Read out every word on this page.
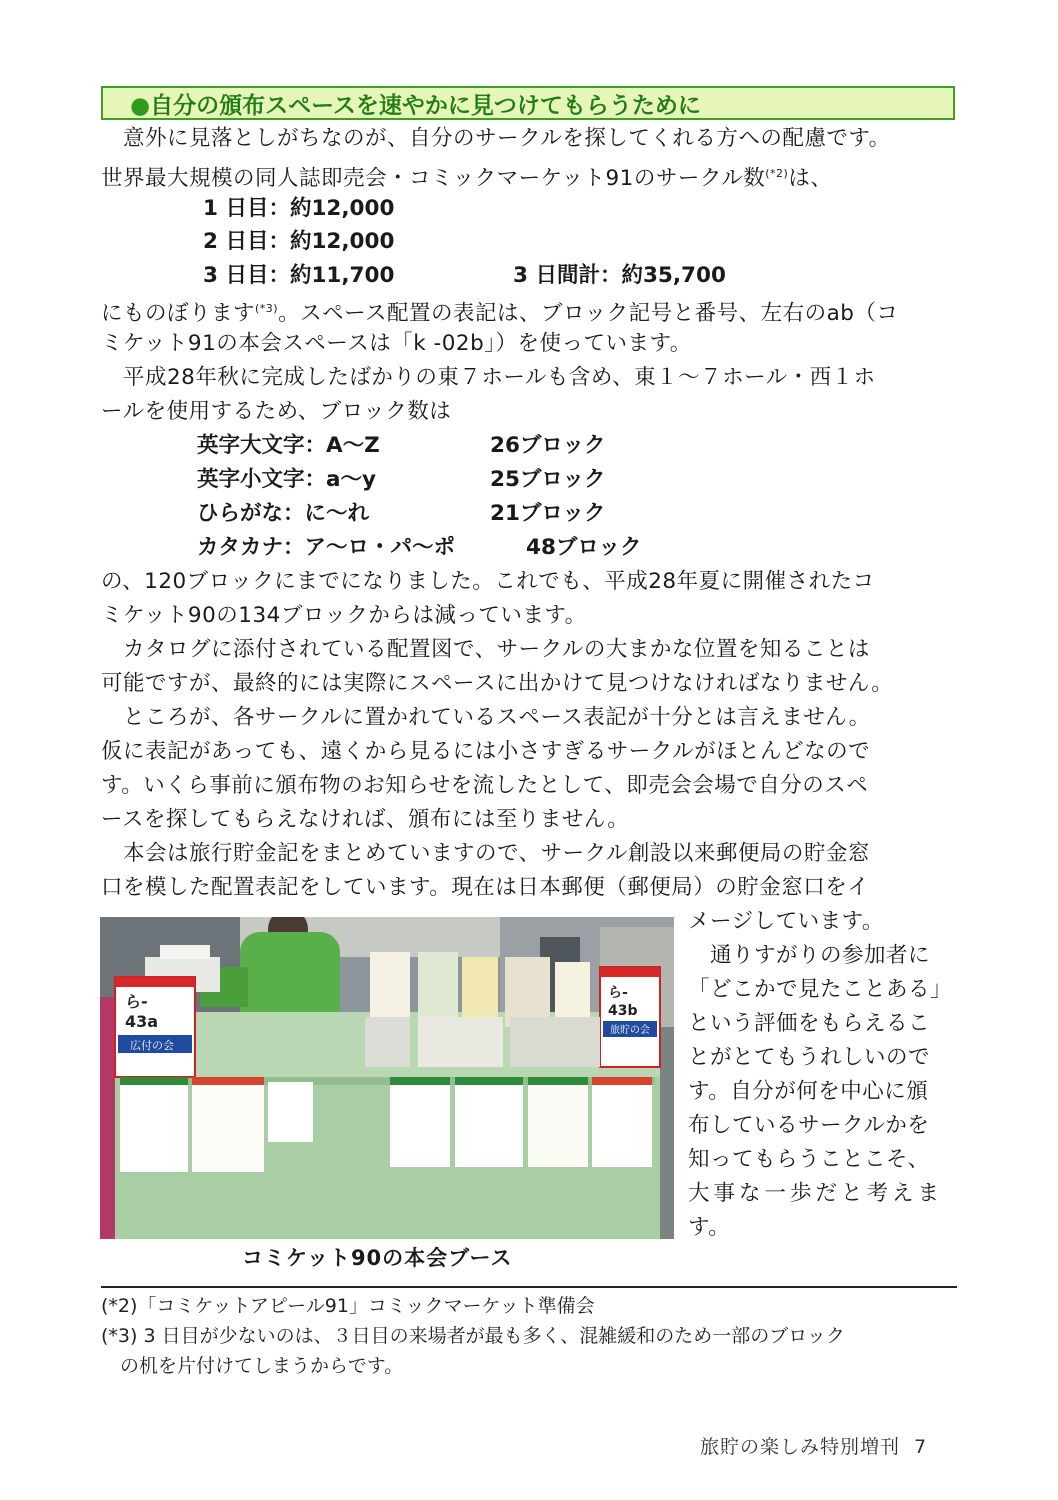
●自分の頒布スペースを速やかに見つけてもらうために
　意外に見落としがちなのが、自分のサークルを探してくれる方への配慮です。
世界最大規模の同人誌即売会・コミックマーケット91のサークル数$^{(*2)}$は、
1 日目：約12,000
2 日目：約12,000
3 日目：約11,700	3 日間計：約35,700
にものぼります$^{(*3)}$。スペース配置の表記は、ブロック記号と番号、左右のab（コ
ミケット91の本会スペースは「k -02b」）を使っています。
　平成28年秋に完成したばかりの東７ホールも含め、東１～７ホール・西１ホ
ールを使用するため、ブロック数は
英字大文字：A～Z	26ブロック
英字小文字：a～y	25ブロック
ひらがな：に～れ	21ブロック
カタカナ：ア～ロ・パ～ポ	48ブロック
の、120ブロックにまでになりました。これでも、平成28年夏に開催されたコ
ミケット90の134ブロックからは減っています。
　カタログに添付されている配置図で、サークルの大まかな位置を知ることは
可能ですが、最終的には実際にスペースに出かけて見つけなければなりません。
　ところが、各サークルに置かれているスペース表記が十分とは言えません。
仮に表記があっても、遠くから見るには小さすぎるサークルがほとんどなので
す。いくら事前に頒布物のお知らせを流したとして、即売会会場で自分のスペ
ースを探してもらえなければ、頒布には至りません。
　本会は旅行貯金記をまとめていますので、サークル創設以来郵便局の貯金窓
口を模した配置表記をしています。現在は日本郵便（郵便局）の貯金窓口をイ
メージしています。
　通りすがりの参加者に
「どこかで見たことある」
という評価をもらえるこ
とがとてもうれしいので
す。自分が何を中心に頒
布しているサークルかを
知ってもらうことこそ、
大事な一歩だと考えま
す。
ら-
43a
広付の会
ら-
43b
旅貯の会
コミケット90の本会ブース
(*2)「コミケットアピール91」コミックマーケット準備会
(*3) 3 日目が少ないのは、３日目の来場者が最も多く、混雑緩和のため一部のブロック
　の机を片付けてしまうからです。
旅貯の楽しみ特別増刊 7
